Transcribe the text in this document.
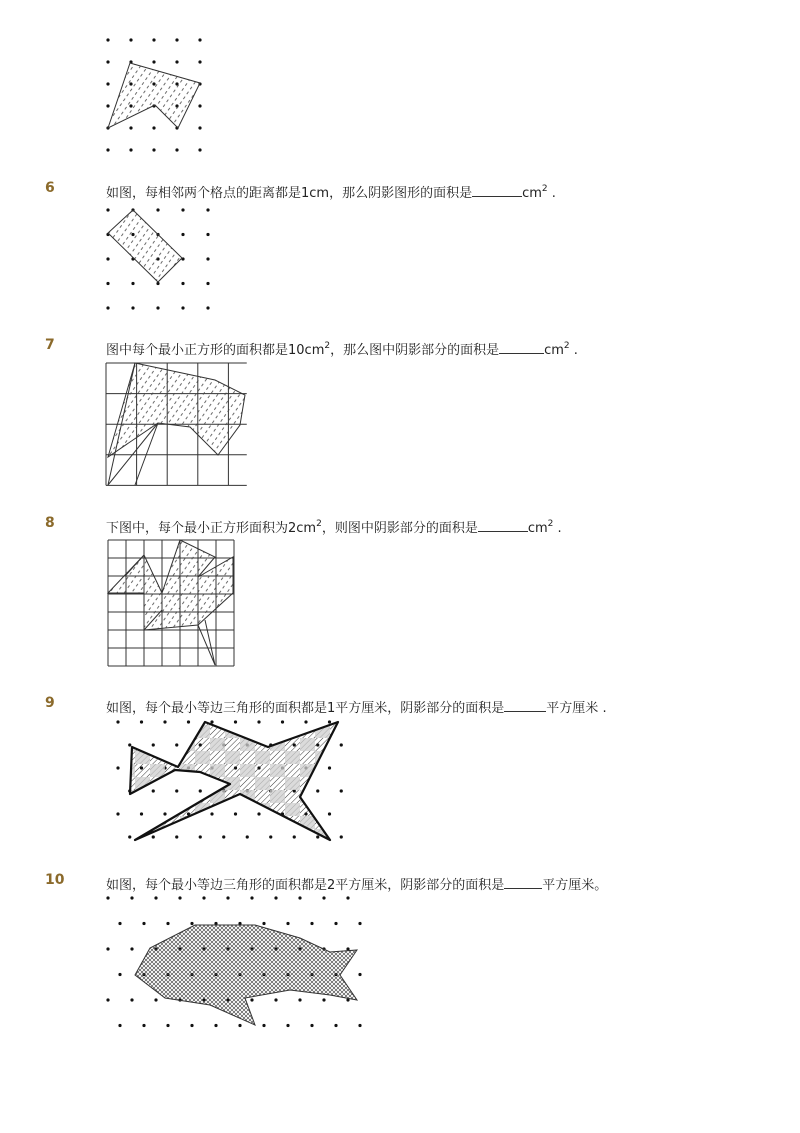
6	如图，每相邻两个格点的距离都是1cm，那么阴影图形的面积是	$cm^2$ .
7	图中每个最小正方形的面积都是$10cm^2$，那么图中阴影部分的面积是	$cm^2$ .
8	下图中，每个最小正方形面积为$2cm^2$，则图中阴影部分的面积是	$cm^2$ .
9	如图，每个最小等边三角形的面积都是1平方厘米，阴影部分的面积是	平方厘米 .
10	如图，每个最小等边三角形的面积都是2平方厘米，阴影部分的面积是	平方厘米。
